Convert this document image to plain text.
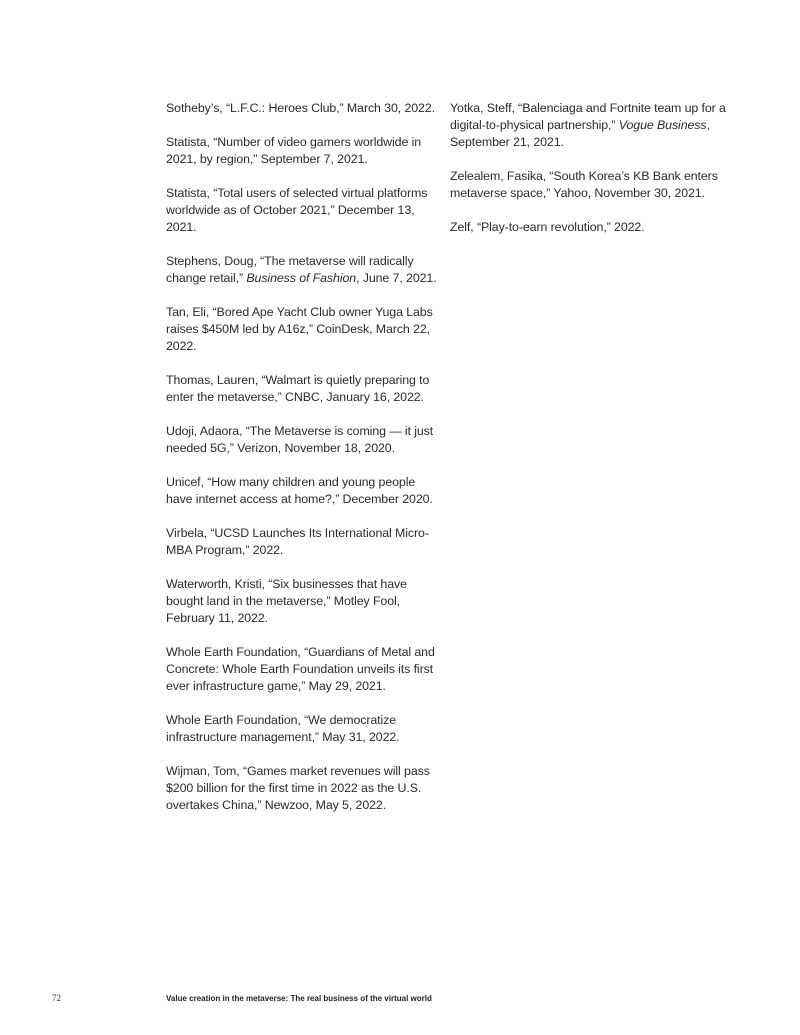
Sotheby’s, “L.F.C.: Heroes Club,” March 30, 2022.

Statista, “Number of video gamers worldwide in 2021, by region,” September 7, 2021.

Statista, “Total users of selected virtual platforms worldwide as of October 2021,” December 13, 2021.

Stephens, Doug, “The metaverse will radically change retail,” Business of Fashion, June 7, 2021.

Tan, Eli, “Bored Ape Yacht Club owner Yuga Labs raises $450M led by A16z,” CoinDesk, March 22, 2022.

Thomas, Lauren, “Walmart is quietly preparing to enter the metaverse,” CNBC, January 16, 2022.

Udoji, Adaora, “The Metaverse is coming — it just needed 5G,” Verizon, November 18, 2020.

Unicef, “How many children and young people have internet access at home?,” December 2020.

Virbela, “UCSD Launches Its International Micro-MBA Program,” 2022.

Waterworth, Kristi, “Six businesses that have bought land in the metaverse,” Motley Fool, February 11, 2022.

Whole Earth Foundation, “Guardians of Metal and Concrete: Whole Earth Foundation unveils its first ever infrastructure game,” May 29, 2021.

Whole Earth Foundation, “We democratize infrastructure management,” May 31, 2022.

Wijman, Tom, “Games market revenues will pass $200 billion for the first time in 2022 as the U.S. overtakes China,” Newzoo, May 5, 2022.

Yotka, Steff, “Balenciaga and Fortnite team up for a digital-to-physical partnership,” Vogue Business, September 21, 2021.

Zelealem, Fasika, “South Korea’s KB Bank enters metaverse space,” Yahoo, November 30, 2021.

Zelf, “Play-to-earn revolution,” 2022.

72	Value creation in the metaverse: The real business of the virtual world
